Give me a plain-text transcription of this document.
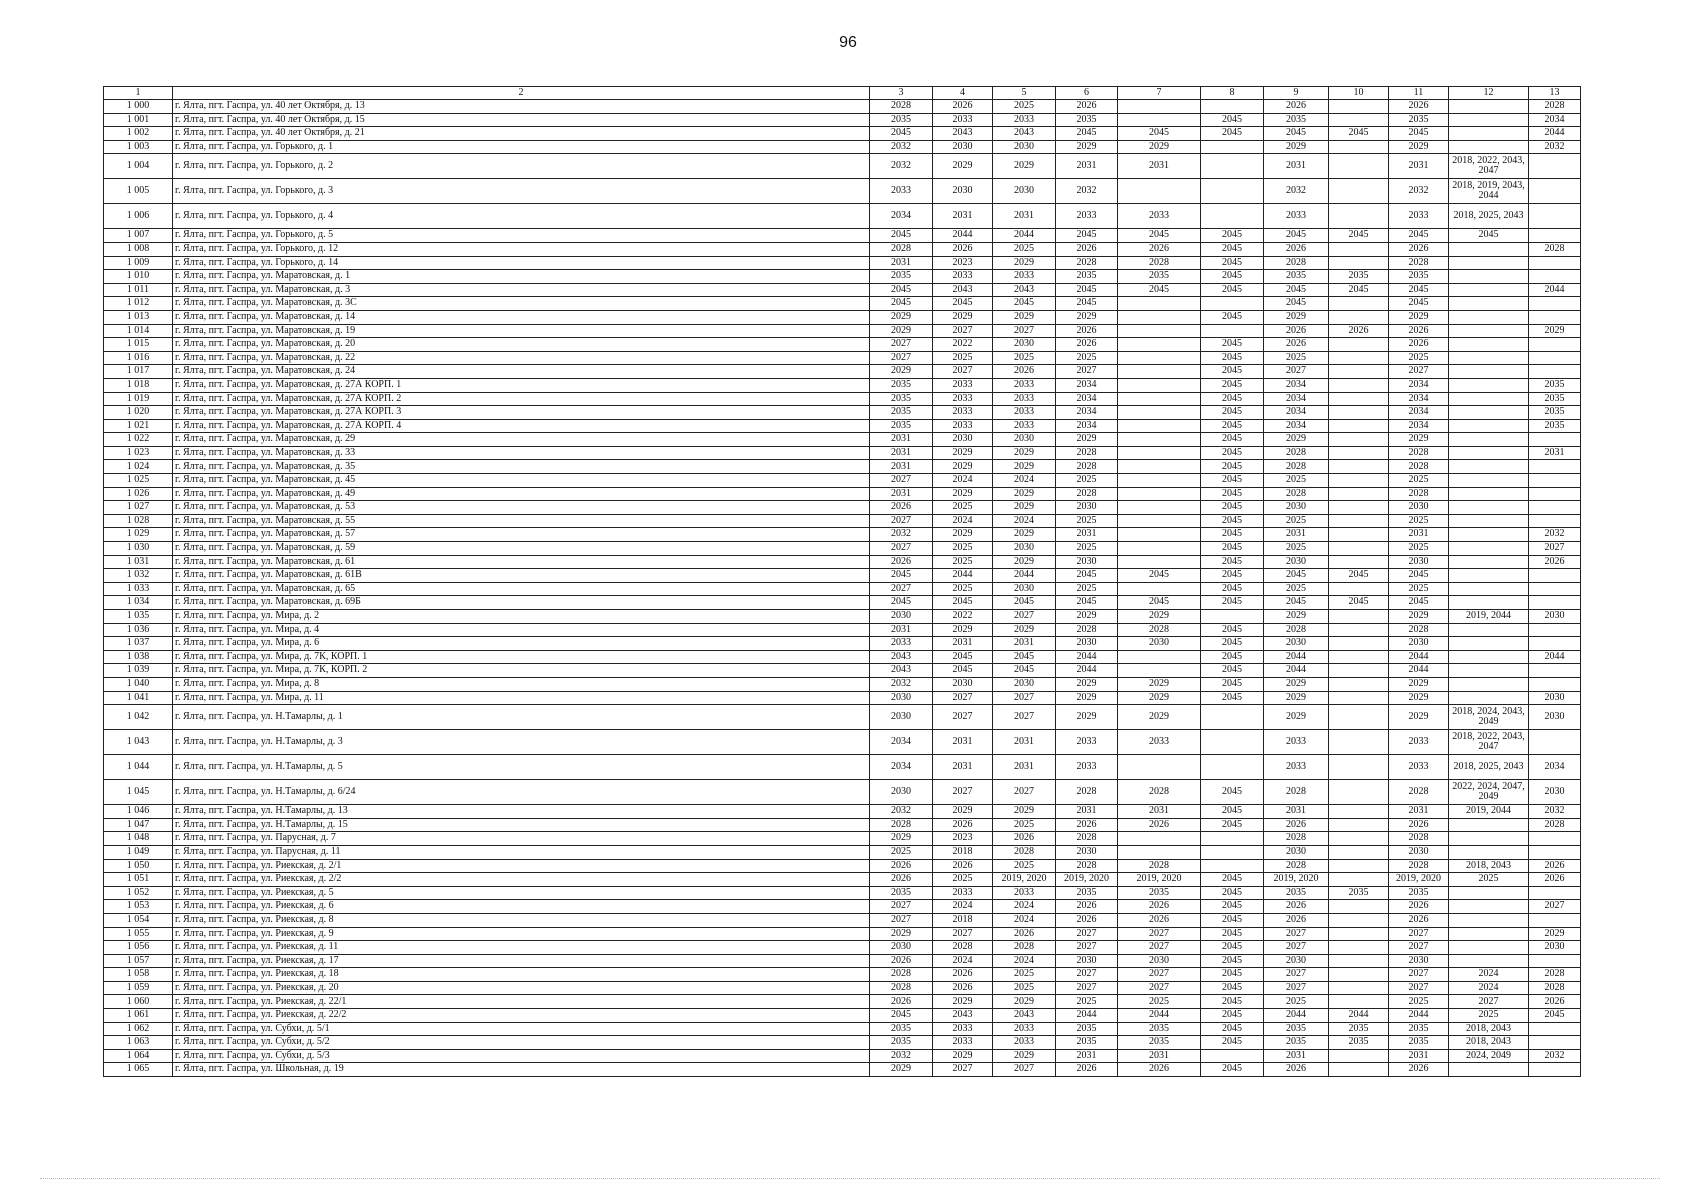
96
1	2	3	4	5	6	7	8	9	10	11	12	13
1 000	г. Ялта, пгт. Гаспра, ул. 40 лет Октября, д. 13	2028	2026	2025	2026			2026		2026		2028
1 001	г. Ялта, пгт. Гаспра, ул. 40 лет Октября, д. 15	2035	2033	2033	2035		2045	2035		2035		2034
1 002	г. Ялта, пгт. Гаспра, ул. 40 лет Октября, д. 21	2045	2043	2043	2045	2045	2045	2045	2045	2045		2044
1 003	г. Ялта, пгт. Гаспра, ул. Горького, д. 1	2032	2030	2030	2029	2029		2029		2029		2032
1 004	г. Ялта, пгт. Гаспра, ул. Горького, д. 2	2032	2029	2029	2031	2031		2031		2031	2018, 2022, 2043, 2047	
1 005	г. Ялта, пгт. Гаспра, ул. Горького, д. 3	2033	2030	2030	2032			2032		2032	2018, 2019, 2043, 2044	
1 006	г. Ялта, пгт. Гаспра, ул. Горького, д. 4	2034	2031	2031	2033	2033		2033		2033	2018, 2025, 2043	
1 007	г. Ялта, пгт. Гаспра, ул. Горького, д. 5	2045	2044	2044	2045	2045	2045	2045	2045	2045	2045	
1 008	г. Ялта, пгт. Гаспра, ул. Горького, д. 12	2028	2026	2025	2026	2026	2045	2026		2026		2028
1 009	г. Ялта, пгт. Гаспра, ул. Горького, д. 14	2031	2023	2029	2028	2028	2045	2028		2028		
1 010	г. Ялта, пгт. Гаспра, ул. Маратовская, д. 1	2035	2033	2033	2035	2035	2045	2035	2035	2035		
1 011	г. Ялта, пгт. Гаспра, ул. Маратовская, д. 3	2045	2043	2043	2045	2045	2045	2045	2045	2045		2044
1 012	г. Ялта, пгт. Гаспра, ул. Маратовская, д. 3С	2045	2045	2045	2045			2045		2045		
1 013	г. Ялта, пгт. Гаспра, ул. Маратовская, д. 14	2029	2029	2029	2029		2045	2029		2029		
1 014	г. Ялта, пгт. Гаспра, ул. Маратовская, д. 19	2029	2027	2027	2026			2026	2026	2026		2029
1 015	г. Ялта, пгт. Гаспра, ул. Маратовская, д. 20	2027	2022	2030	2026		2045	2026		2026		
1 016	г. Ялта, пгт. Гаспра, ул. Маратовская, д. 22	2027	2025	2025	2025		2045	2025		2025		
1 017	г. Ялта, пгт. Гаспра, ул. Маратовская, д. 24	2029	2027	2026	2027		2045	2027		2027		
1 018	г. Ялта, пгт. Гаспра, ул. Маратовская, д. 27А КОРП. 1	2035	2033	2033	2034		2045	2034		2034		2035
1 019	г. Ялта, пгт. Гаспра, ул. Маратовская, д. 27А КОРП. 2	2035	2033	2033	2034		2045	2034		2034		2035
1 020	г. Ялта, пгт. Гаспра, ул. Маратовская, д. 27А КОРП. 3	2035	2033	2033	2034		2045	2034		2034		2035
1 021	г. Ялта, пгт. Гаспра, ул. Маратовская, д. 27А КОРП. 4	2035	2033	2033	2034		2045	2034		2034		2035
1 022	г. Ялта, пгт. Гаспра, ул. Маратовская, д. 29	2031	2030	2030	2029		2045	2029		2029		
1 023	г. Ялта, пгт. Гаспра, ул. Маратовская, д. 33	2031	2029	2029	2028		2045	2028		2028		2031
1 024	г. Ялта, пгт. Гаспра, ул. Маратовская, д. 35	2031	2029	2029	2028		2045	2028		2028		
1 025	г. Ялта, пгт. Гаспра, ул. Маратовская, д. 45	2027	2024	2024	2025		2045	2025		2025		
1 026	г. Ялта, пгт. Гаспра, ул. Маратовская, д. 49	2031	2029	2029	2028		2045	2028		2028		
1 027	г. Ялта, пгт. Гаспра, ул. Маратовская, д. 53	2026	2025	2029	2030		2045	2030		2030		
1 028	г. Ялта, пгт. Гаспра, ул. Маратовская, д. 55	2027	2024	2024	2025		2045	2025		2025		
1 029	г. Ялта, пгт. Гаспра, ул. Маратовская, д. 57	2032	2029	2029	2031		2045	2031		2031		2032
1 030	г. Ялта, пгт. Гаспра, ул. Маратовская, д. 59	2027	2025	2030	2025		2045	2025		2025		2027
1 031	г. Ялта, пгт. Гаспра, ул. Маратовская, д. 61	2026	2025	2029	2030		2045	2030		2030		2026
1 032	г. Ялта, пгт. Гаспра, ул. Маратовская, д. 61В	2045	2044	2044	2045	2045	2045	2045	2045	2045		
1 033	г. Ялта, пгт. Гаспра, ул. Маратовская, д. 65	2027	2025	2030	2025		2045	2025		2025		
1 034	г. Ялта, пгт. Гаспра, ул. Маратовская, д. 69Б	2045	2045	2045	2045	2045	2045	2045	2045	2045		
1 035	г. Ялта, пгт. Гаспра, ул. Мира, д. 2	2030	2022	2027	2029	2029		2029		2029	2019, 2044	2030
1 036	г. Ялта, пгт. Гаспра, ул. Мира, д. 4	2031	2029	2029	2028	2028	2045	2028		2028		
1 037	г. Ялта, пгт. Гаспра, ул. Мира, д. 6	2033	2031	2031	2030	2030	2045	2030		2030		
1 038	г. Ялта, пгт. Гаспра, ул. Мира, д. 7К, КОРП. 1	2043	2045	2045	2044		2045	2044		2044		2044
1 039	г. Ялта, пгт. Гаспра, ул. Мира, д. 7К, КОРП. 2	2043	2045	2045	2044		2045	2044		2044		
1 040	г. Ялта, пгт. Гаспра, ул. Мира, д. 8	2032	2030	2030	2029	2029	2045	2029		2029		
1 041	г. Ялта, пгт. Гаспра, ул. Мира, д. 11	2030	2027	2027	2029	2029	2045	2029		2029		2030
1 042	г. Ялта, пгт. Гаспра, ул. Н.Тамарлы, д. 1	2030	2027	2027	2029	2029		2029		2029	2018, 2024, 2043, 2049	2030
1 043	г. Ялта, пгт. Гаспра, ул. Н.Тамарлы, д. 3	2034	2031	2031	2033	2033		2033		2033	2018, 2022, 2043, 2047	
1 044	г. Ялта, пгт. Гаспра, ул. Н.Тамарлы, д. 5	2034	2031	2031	2033			2033		2033	2018, 2025, 2043	2034
1 045	г. Ялта, пгт. Гаспра, ул. Н.Тамарлы, д. 6/24	2030	2027	2027	2028	2028	2045	2028		2028	2022, 2024, 2047, 2049	2030
1 046	г. Ялта, пгт. Гаспра, ул. Н.Тамарлы, д. 13	2032	2029	2029	2031	2031	2045	2031		2031	2019, 2044	2032
1 047	г. Ялта, пгт. Гаспра, ул. Н.Тамарлы, д. 15	2028	2026	2025	2026	2026	2045	2026		2026		2028
1 048	г. Ялта, пгт. Гаспра, ул. Парусная, д. 7	2029	2023	2026	2028			2028		2028		
1 049	г. Ялта, пгт. Гаспра, ул. Парусная, д. 11	2025	2018	2028	2030			2030		2030		
1 050	г. Ялта, пгт. Гаспра, ул. Риекская, д. 2/1	2026	2026	2025	2028	2028		2028		2028	2018, 2043	2026
1 051	г. Ялта, пгт. Гаспра, ул. Риекская, д. 2/2	2026	2025	2019, 2020	2019, 2020	2019, 2020	2045	2019, 2020		2019, 2020	2025	2026
1 052	г. Ялта, пгт. Гаспра, ул. Риекская, д. 5	2035	2033	2033	2035	2035	2045	2035	2035	2035		
1 053	г. Ялта, пгт. Гаспра, ул. Риекская, д. 6	2027	2024	2024	2026	2026	2045	2026		2026		2027
1 054	г. Ялта, пгт. Гаспра, ул. Риекская, д. 8	2027	2018	2024	2026	2026	2045	2026		2026		
1 055	г. Ялта, пгт. Гаспра, ул. Риекская, д. 9	2029	2027	2026	2027	2027	2045	2027		2027		2029
1 056	г. Ялта, пгт. Гаспра, ул. Риекская, д. 11	2030	2028	2028	2027	2027	2045	2027		2027		2030
1 057	г. Ялта, пгт. Гаспра, ул. Риекская, д. 17	2026	2024	2024	2030	2030	2045	2030		2030		
1 058	г. Ялта, пгт. Гаспра, ул. Риекская, д. 18	2028	2026	2025	2027	2027	2045	2027		2027	2024	2028
1 059	г. Ялта, пгт. Гаспра, ул. Риекская, д. 20	2028	2026	2025	2027	2027	2045	2027		2027	2024	2028
1 060	г. Ялта, пгт. Гаспра, ул. Риекская, д. 22/1	2026	2029	2029	2025	2025	2045	2025		2025	2027	2026
1 061	г. Ялта, пгт. Гаспра, ул. Риекская, д. 22/2	2045	2043	2043	2044	2044	2045	2044	2044	2044	2025	2045
1 062	г. Ялта, пгт. Гаспра, ул. Субхи, д. 5/1	2035	2033	2033	2035	2035	2045	2035	2035	2035	2018, 2043	
1 063	г. Ялта, пгт. Гаспра, ул. Субхи, д. 5/2	2035	2033	2033	2035	2035	2045	2035	2035	2035	2018, 2043	
1 064	г. Ялта, пгт. Гаспра, ул. Субхи, д. 5/3	2032	2029	2029	2031	2031		2031		2031	2024, 2049	2032
1 065	г. Ялта, пгт. Гаспра, ул. Школьная, д. 19	2029	2027	2027	2026	2026	2045	2026		2026		
